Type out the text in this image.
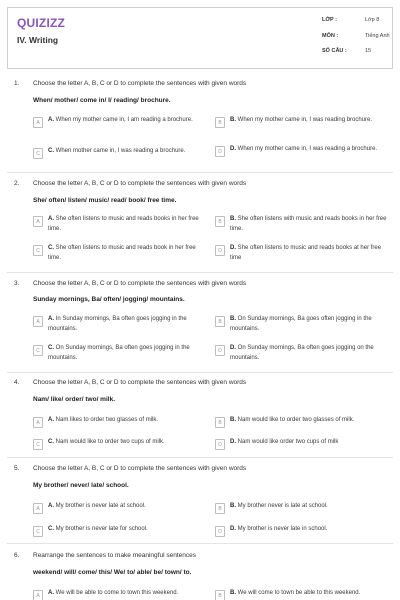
QUIZIZZ
IV. Writing
LỚP :	Lớp 8
MÔN :	Tiếng Anh
SỐ CÂU :	15
1. Choose the letter A, B, C or D to complete the sentences with given words
When/ mother/ come in/ I/ reading/ brochure.
A	A. When my mother came in, I am reading a brochure.	B	B. When my mother came in, I was reading brochure.
C	C. When mother came in, I was reading a brochure.	D	D. When my mother came in, I was reading a brochure.
2. Choose the letter A, B, C or D to complete the sentences with given words
She/ often/ listen/ music/ read/ book/ free time.
A	A. She often listens to music and reads books in her free time.
B	B. She often listens with music and reads books in her free time.
C	C. She often listens to music and reads book in her free time.
D	D. She often listens to music and reads books at her free time
3. Choose the letter A, B, C or D to complete the sentences with given words
Sunday mornings, Ba/ often/ jogging/ mountains.
A	A. In Sunday mornings, Ba often goes jogging in the mountains.
B	B. On Sunday mornings, Ba goes often jogging in the mountains.
C	C. On Sunday mornings, Ba often goes jogging in the mountains.
D	D. On Sunday mornings, Ba often goes jogging on the mountains.
4. Choose the letter A, B, C or D to complete the sentences with given words
Nam/ like/ order/ two/ milk.
A	A. Nam likes to order two glasses of milk.	B	B. Nam would like to order two glasses of milk.
C	C. Nam would like to order two cups of milk.	D	D. Nam would like order two cups of milk
5. Choose the letter A, B, C or D to complete the sentences with given words
My brother/ never/ late/ school.
A	A. My brother is never late at school.	B	B. My brother never is late at school.
C	C. My brother is never late for school.	D	D. My brother is never late in school.
6. Rearrange the sentences to make meaningful sentences
weekend/ will/ come/ this/ We/ to/ able/ be/ town/ to.
A	A. We will be able to come to town this weekend.	B	B. We will come to town be able to this weekend.
